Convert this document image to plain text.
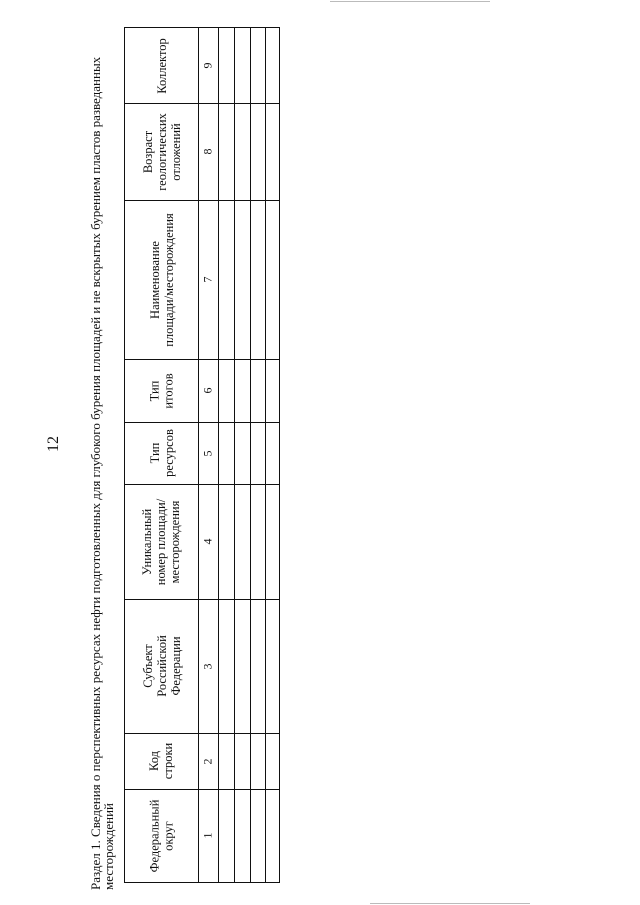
12 Раздел 1. Сведения о перспективных ресурсах нефти подготовленных для глубокого бурения площадей и не вскрытых бурением пластов разведанных
месторождений
Коллектор	9
Возраст
геологических
отложений 8
Наименование
площади/месторождения 7
Тип
итогов 6
Тип
ресурсов 5
Уникальный
номер площади/
месторождения 4
Субъект
Российской
Федерации 3
Код
строки 2
Федеральный
округ 1
